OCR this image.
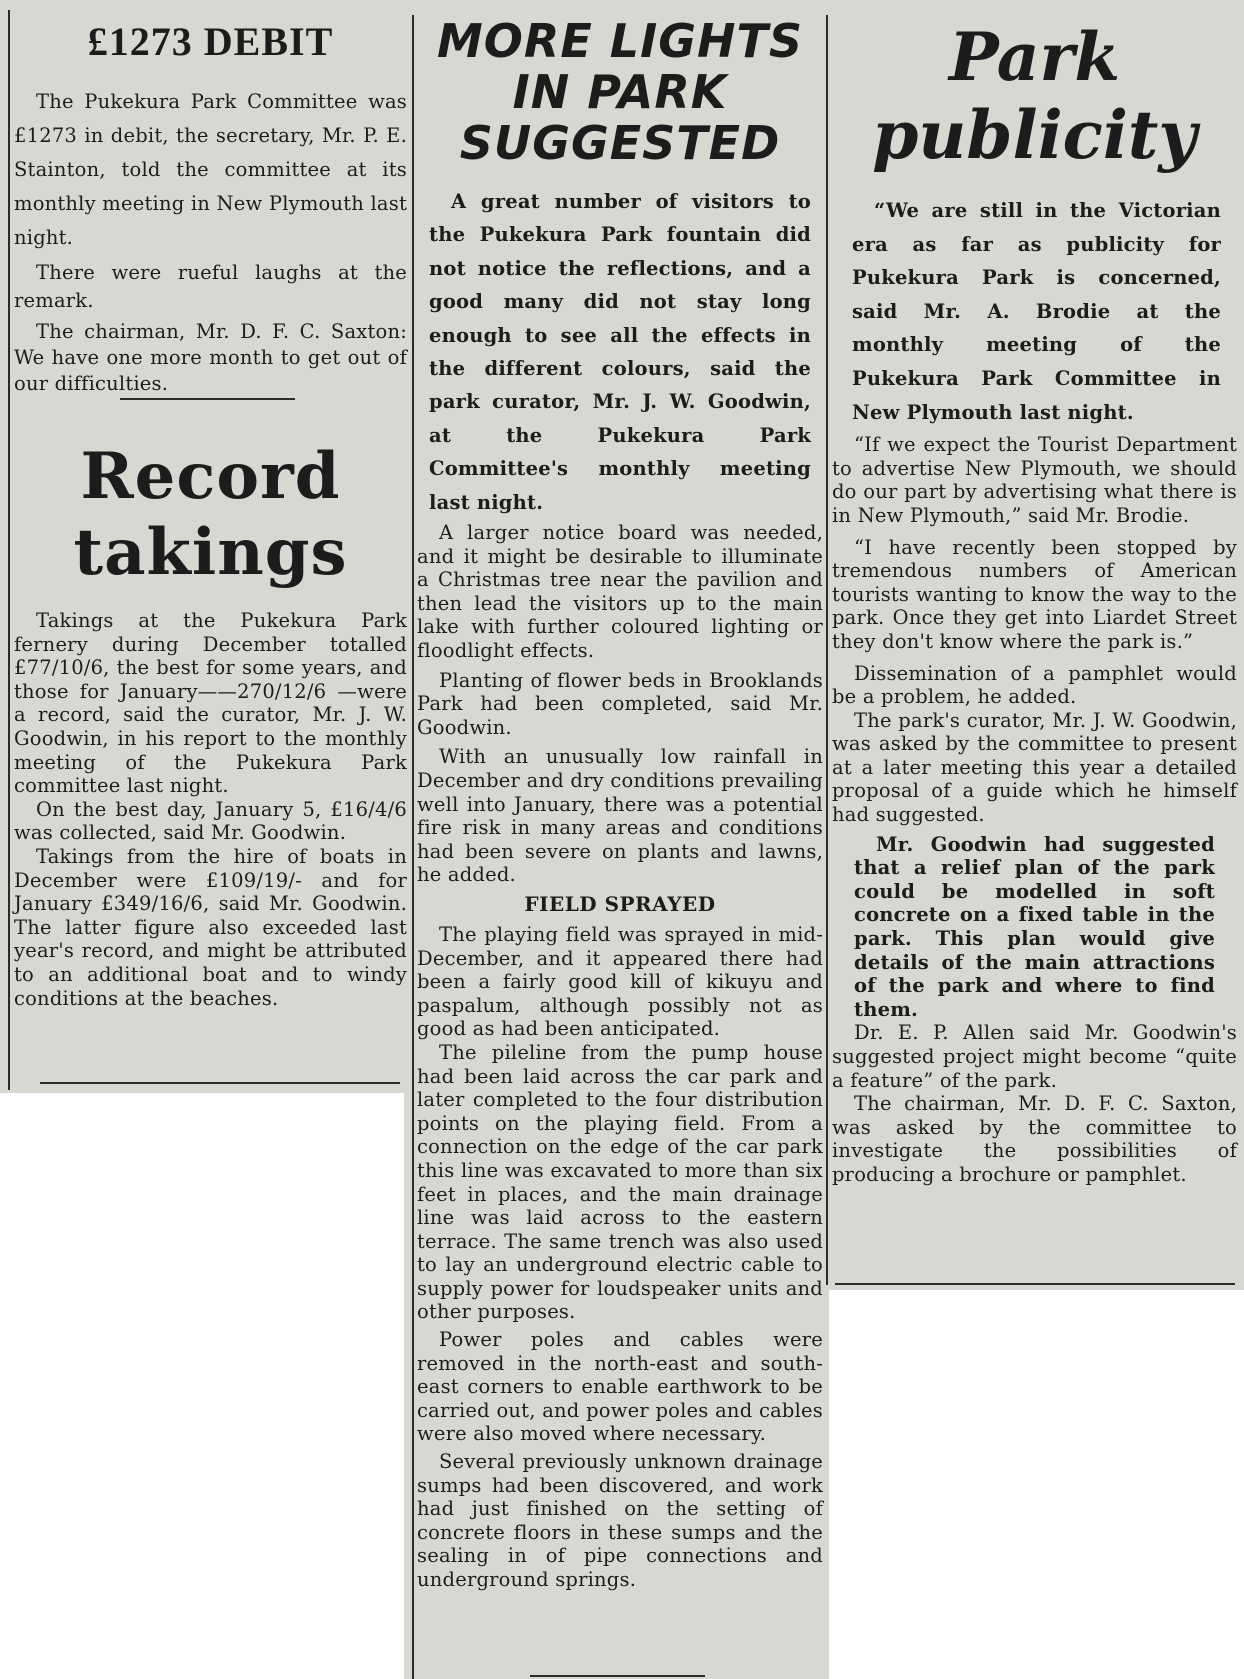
£1273 DEBIT

The Pukekura Park Committee was £1273 in debit, the secretary, Mr. P. E. Stainton, told the committee at its monthly meeting in New Plymouth last night.

There were rueful laughs at the remark.

The chairman, Mr. D. F. C. Saxton: We have one more month to get out of our difficulties.

Record
takings

Takings at the Pukekura Park fernery during December totalled £77/10/6, the best for some years, and those for January——270/12/6 —were a record, said the curator, Mr. J. W. Goodwin, in his report to the monthly meeting of the Pukekura Park committee last night.

On the best day, January 5, £16/4/6 was collected, said Mr. Goodwin.

Takings from the hire of boats in December were £109/19/- and for January £349/16/6, said Mr. Goodwin. The latter figure also exceeded last year's record, and might be attributed to an additional boat and to windy conditions at the beaches.

MORE LIGHTS
IN PARK
SUGGESTED

A great number of visitors to the Pukekura Park fountain did not notice the reflections, and a good many did not stay long enough to see all the effects in the different colours, said the park curator, Mr. J. W. Goodwin, at the Pukekura Park Committee's monthly meeting last night.

A larger notice board was needed, and it might be desirable to illuminate a Christmas tree near the pavilion and then lead the visitors up to the main lake with further coloured lighting or floodlight effects.

Planting of flower beds in Brooklands Park had been completed, said Mr. Goodwin.

With an unusually low rainfall in December and dry conditions prevailing well into January, there was a potential fire risk in many areas and conditions had been severe on plants and lawns, he added.

FIELD SPRAYED

The playing field was sprayed in mid-December, and it appeared there had been a fairly good kill of kikuyu and paspalum, although possibly not as good as had been anticipated.

The pileline from the pump house had been laid across the car park and later completed to the four distribution points on the playing field. From a connection on the edge of the car park this line was excavated to more than six feet in places, and the main drainage line was laid across to the eastern terrace. The same trench was also used to lay an underground electric cable to supply power for loudspeaker units and other purposes.

Power poles and cables were removed in the north-east and south-east corners to enable earthwork to be carried out, and power poles and cables were also moved where necessary.

Several previously unknown drainage sumps had been discovered, and work had just finished on the setting of concrete floors in these sumps and the sealing in of pipe connections and underground springs.

Park
publicity

“We are still in the Victorian era as far as publicity for Pukekura Park is concerned, said Mr. A. Brodie at the monthly meeting of the Pukekura Park Committee in New Plymouth last night.

“If we expect the Tourist Department to advertise New Plymouth, we should do our part by advertising what there is in New Plymouth,” said Mr. Brodie.

“I have recently been stopped by tremendous numbers of American tourists wanting to know the way to the park. Once they get into Liardet Street they don't know where the park is.”

Dissemination of a pamphlet would be a problem, he added.

The park's curator, Mr. J. W. Goodwin, was asked by the committee to present at a later meeting this year a detailed proposal of a guide which he himself had suggested.

Mr. Goodwin had suggested that a relief plan of the park could be modelled in soft concrete on a fixed table in the park. This plan would give details of the main attractions of the park and where to find them.

Dr. E. P. Allen said Mr. Goodwin's suggested project might become “quite a feature” of the park.

The chairman, Mr. D. F. C. Saxton, was asked by the committee to investigate the possibilities of producing a brochure or pamphlet.
